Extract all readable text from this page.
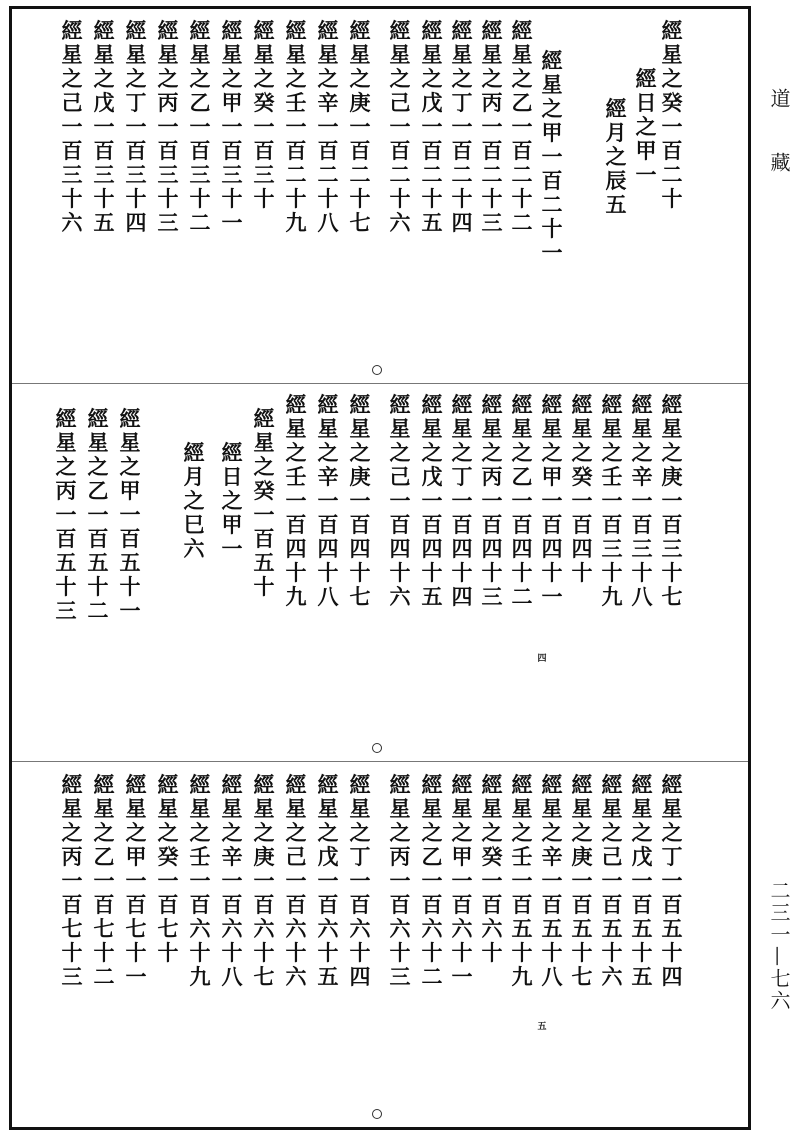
經
星
之
癸
一
百
二
十
經
日
之
甲
一
經
月
之
辰
五
經
星
之
甲
一
百
二
十
一
經
星
之
乙
一
百
二
十
二
經
星
之
丙
一
百
二
十
三
經
星
之
丁
一
百
二
十
四
經
星
之
戊
一
百
二
十
五
經
星
之
己
一
百
二
十
六
經
星
之
庚
一
百
二
十
七
經
星
之
辛
一
百
二
十
八
經
星
之
壬
一
百
二
十
九
經
星
之
癸
一
百
三
十
經
星
之
甲
一
百
三
十
一
經
星
之
乙
一
百
三
十
二
經
星
之
丙
一
百
三
十
三
經
星
之
丁
一
百
三
十
四
經
星
之
戊
一
百
三
十
五
經
星
之
己
一
百
三
十
六
經
星
之
庚
一
百
三
十
七
經
星
之
辛
一
百
三
十
八
經
星
之
壬
一
百
三
十
九
經
星
之
癸
一
百
四
十
經
星
之
甲
一
百
四
十
一
經
星
之
乙
一
百
四
十
二
經
星
之
丙
一
百
四
十
三
經
星
之
丁
一
百
四
十
四
經
星
之
戊
一
百
四
十
五
經
星
之
己
一
百
四
十
六
經
星
之
庚
一
百
四
十
七
經
星
之
辛
一
百
四
十
八
經
星
之
壬
一
百
四
十
九
經
星
之
癸
一
百
五
十
經
日
之
甲
一
經
月
之
巳
六
經
星
之
甲
一
百
五
十
一
經
星
之
乙
一
百
五
十
二
經
星
之
丙
一
百
五
十
三
四
經
星
之
丁
一
百
五
十
四
經
星
之
戊
一
百
五
十
五
經
星
之
己
一
百
五
十
六
經
星
之
庚
一
百
五
十
七
經
星
之
辛
一
百
五
十
八
經
星
之
壬
一
百
五
十
九
經
星
之
癸
一
百
六
十
經
星
之
甲
一
百
六
十
一
經
星
之
乙
一
百
六
十
二
經
星
之
丙
一
百
六
十
三
經
星
之
丁
一
百
六
十
四
經
星
之
戊
一
百
六
十
五
經
星
之
己
一
百
六
十
六
經
星
之
庚
一
百
六
十
七
經
星
之
辛
一
百
六
十
八
經
星
之
壬
一
百
六
十
九
經
星
之
癸
一
百
七
十
經
星
之
甲
一
百
七
十
一
經
星
之
乙
一
百
七
十
二
經
星
之
丙
一
百
七
十
三
五
道藏
二三一—七六
